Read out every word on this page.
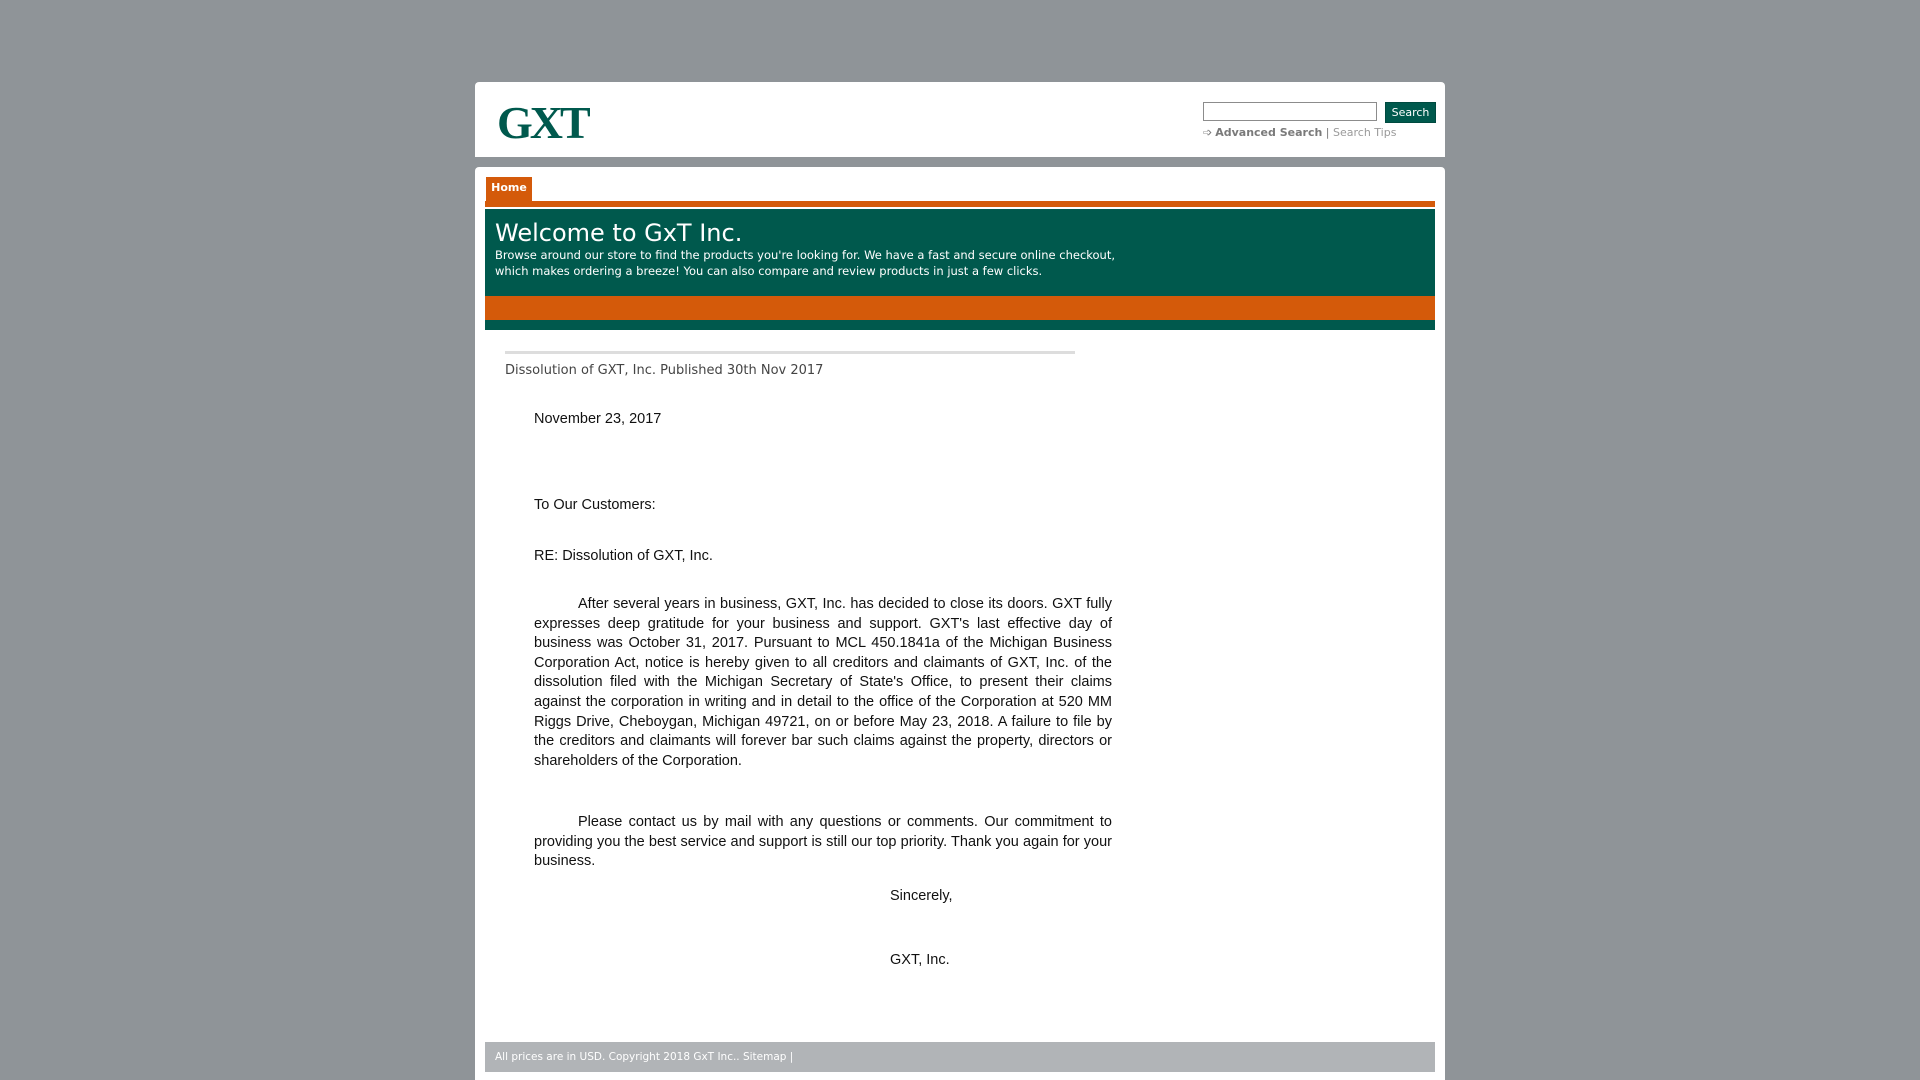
GXT	Search
➩ Advanced Search | Search Tips
Home
Welcome to GxT Inc.
Browse around our store to find the products you're looking for. We have a fast and secure online checkout, which makes ordering a breeze! You can also compare and review products in just a few clicks.
Dissolution of GXT, Inc. Published 30th Nov 2017
November 23, 2017
To Our Customers:
RE: Dissolution of GXT, Inc.
After several years in business, GXT, Inc. has decided to close its doors. GXT fully expresses deep gratitude for your business and support. GXT's last effective day of business was October 31, 2017. Pursuant to MCL 450.1841a of the Michigan Business Corporation Act, notice is hereby given to all creditors and claimants of GXT, Inc. of the dissolution filed with the Michigan Secretary of State's Office, to present their claims against the corporation in writing and in detail to the office of the Corporation at 520 MM Riggs Drive, Cheboygan, Michigan 49721, on or before May 23, 2018. A failure to file by the creditors and claimants will forever bar such claims against the property, directors or shareholders of the Corporation.
Please contact us by mail with any questions or comments. Our commitment to providing you the best service and support is still our top priority. Thank you again for your business.
Sincerely,
GXT, Inc.
All prices are in USD. Copyright 2018 GxT Inc.. Sitemap |
